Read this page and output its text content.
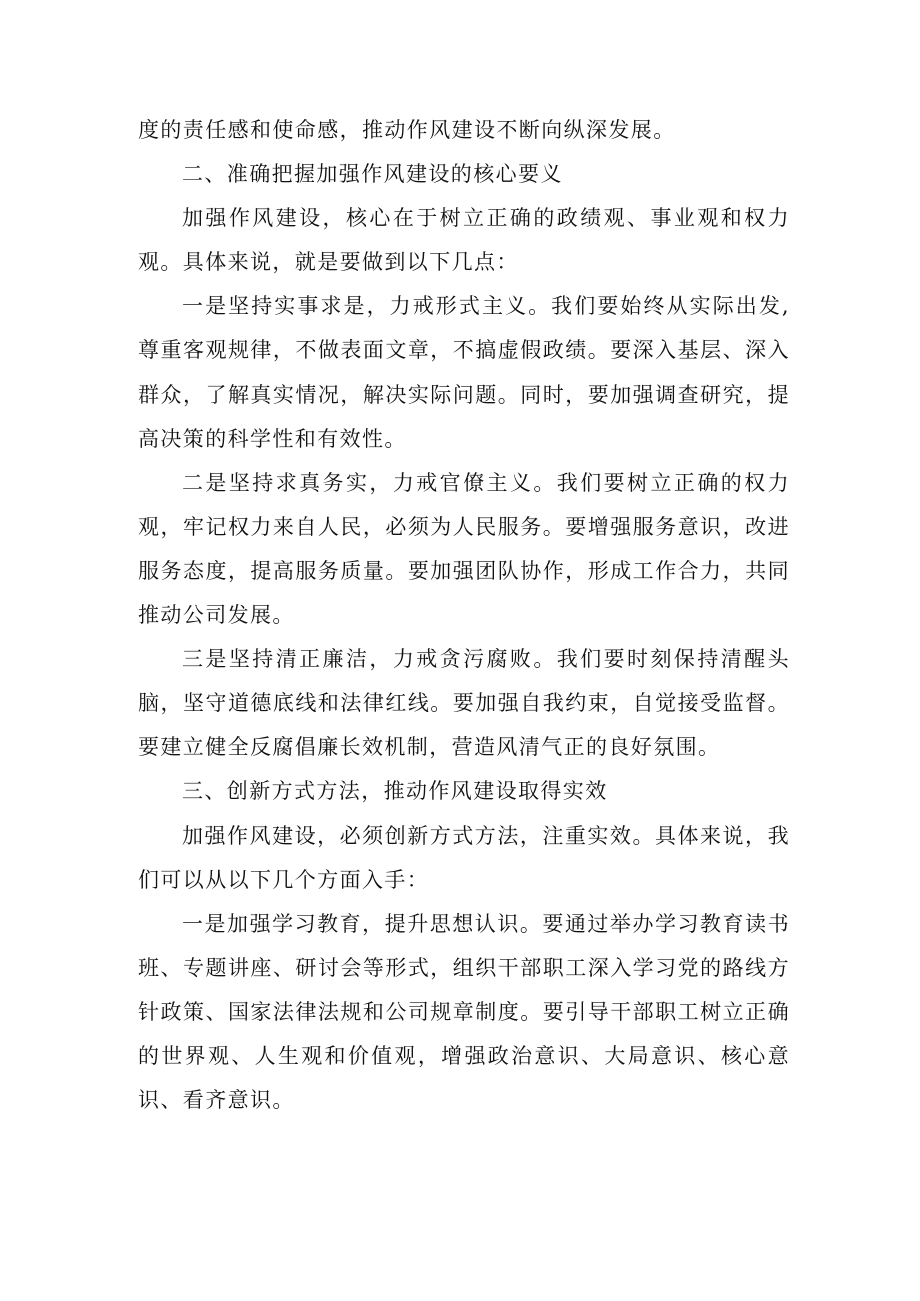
度的责任感和使命感，推动作风建设不断向纵深发展。

二、准确把握加强作风建设的核心要义

加强作风建设，核心在于树立正确的政绩观、事业观和权力观。具体来说，就是要做到以下几点：

一是坚持实事求是，力戒形式主义。我们要始终从实际出发,尊重客观规律，不做表面文章，不搞虚假政绩。要深入基层、深入群众，了解真实情况，解决实际问题。同时，要加强调查研究，提高决策的科学性和有效性。

二是坚持求真务实，力戒官僚主义。我们要树立正确的权力观，牢记权力来自人民，必须为人民服务。要增强服务意识，改进服务态度，提高服务质量。要加强团队协作，形成工作合力，共同推动公司发展。

三是坚持清正廉洁，力戒贪污腐败。我们要时刻保持清醒头脑，坚守道德底线和法律红线。要加强自我约束，自觉接受监督。要建立健全反腐倡廉长效机制，营造风清气正的良好氛围。

三、创新方式方法，推动作风建设取得实效

加强作风建设，必须创新方式方法，注重实效。具体来说，我们可以从以下几个方面入手：

一是加强学习教育，提升思想认识。要通过举办学习教育读书班、专题讲座、研讨会等形式，组织干部职工深入学习党的路线方针政策、国家法律法规和公司规章制度。要引导干部职工树立正确的世界观、人生观和价值观，增强政治意识、大局意识、核心意识、看齐意识。
